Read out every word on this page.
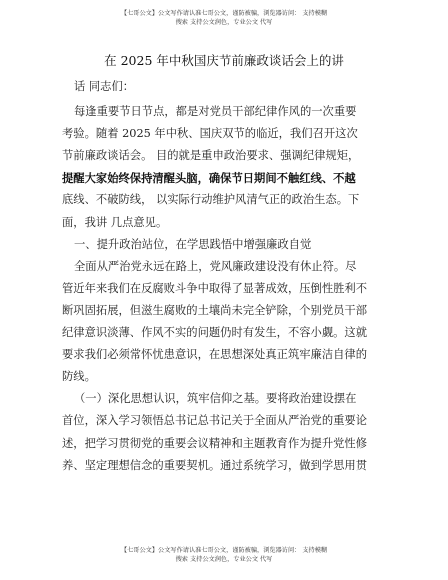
【七哥公文】公文写作请认准七哥公文，谨防被骗，浏览器访问： 支持模糊
搜索 支持公文润色，专业公文 代写
在 2025 年中秋国庆节前廉政谈话会上的讲

话 同志们：

每逢重要节日节点，都是对党员干部纪律作风的一次重要

考验。随着 2025 年中秋、国庆双节的临近，我们召开这次

节前廉政谈话会。 目的就是重申政治要求、强调纪律规矩，

提醒大家始终保持清醒头脑，确保节日期间不触红线、不越

底线、不破防线， 以实际行动维护风清气正的政治生态。下

面，我讲 几点意见。

一、提升政治站位，在学思践悟中增强廉政自觉

全面从严治党永远在路上，党风廉政建设没有休止符。尽

管近年来我们在反腐败斗争中取得了显著成效，压倒性胜利不

断巩固拓展，但滋生腐败的土壤尚未完全铲除，个别党员干部

纪律意识淡薄、作风不实的问题仍时有发生，不容小觑。这就

要求我们必须常怀忧患意识，在思想深处真正筑牢廉洁自律的

防线。

（一）深化思想认识，筑牢信仰之基。要将政治建设摆在

首位，深入学习领悟总书记总书记关于全面从严治党的重要论

述，把学习贯彻党的重要会议精神和主题教育作为提升党性修

养、坚定理想信念的重要契机。通过系统学习，做到学思用贯

【七哥公文】公文写作请认准七哥公文，谨防被骗，浏览器访问： 支持模糊
搜索 支持公文润色，专业公文 代写
